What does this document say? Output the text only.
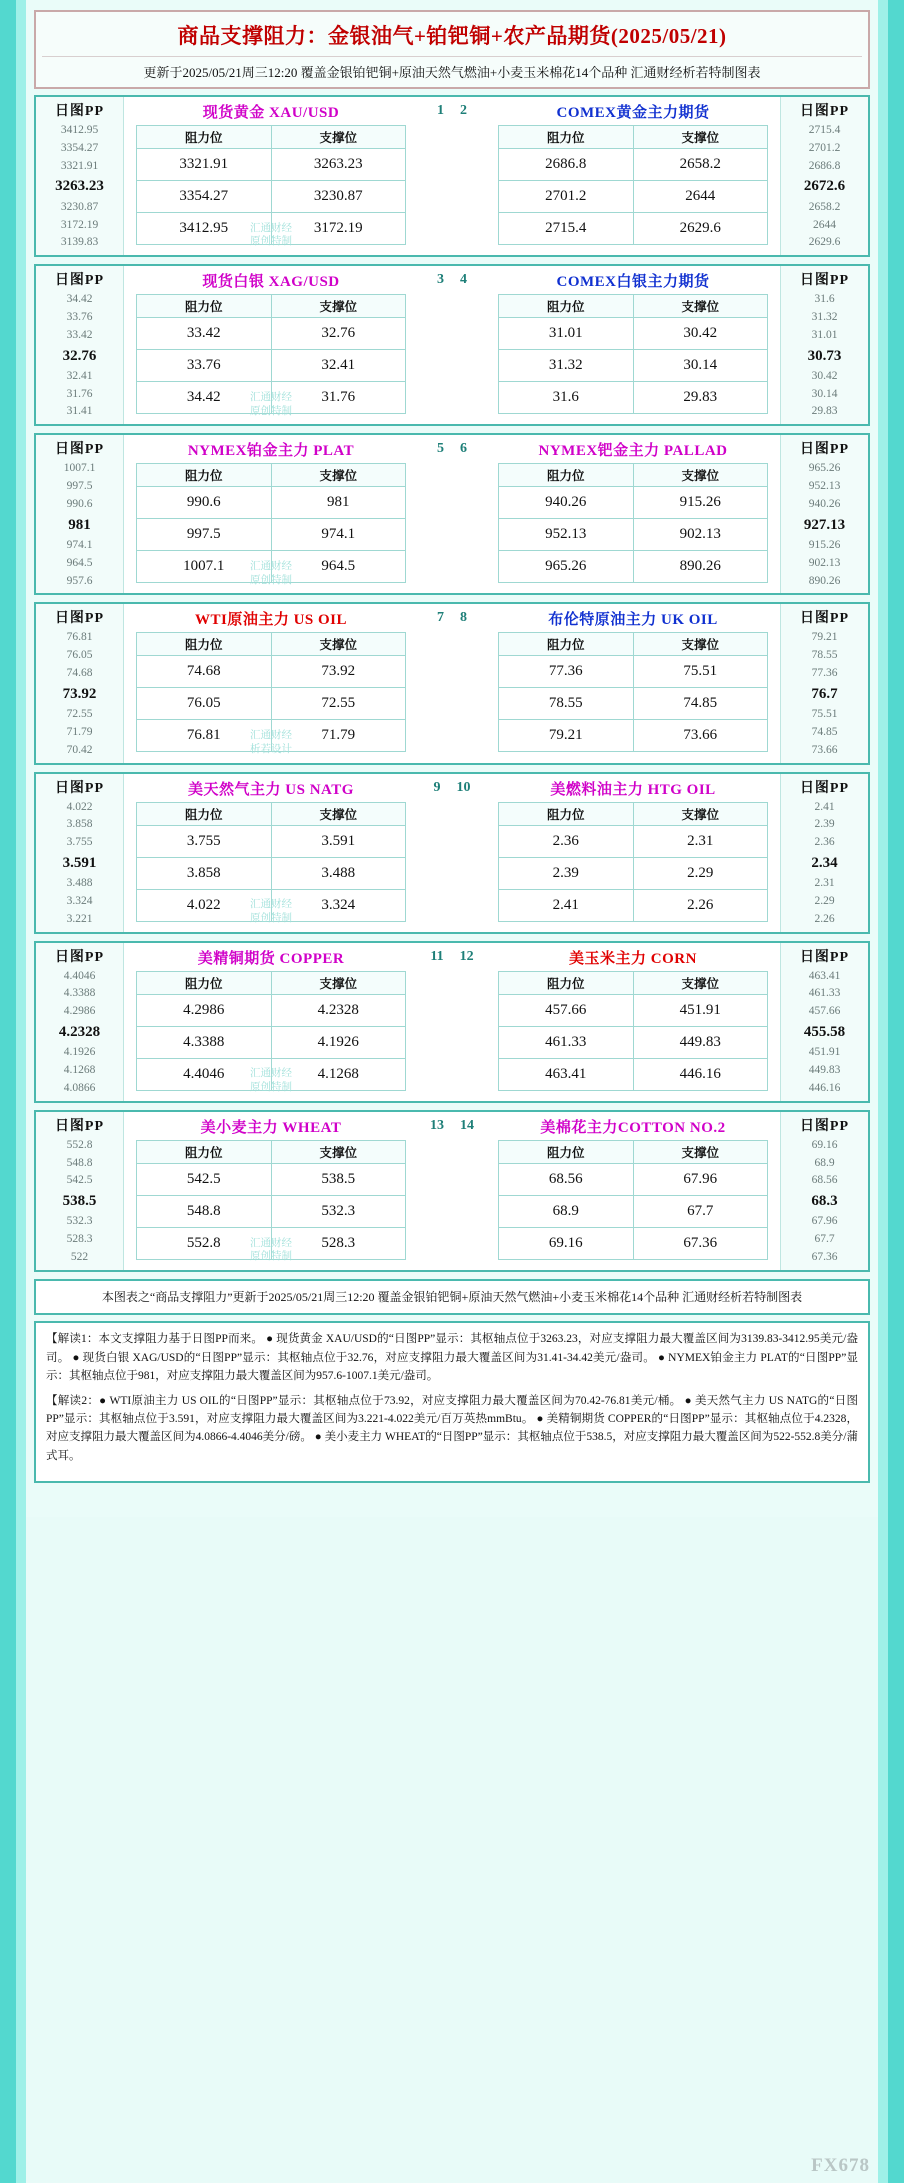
商品支撑阻力：金银油气+铂钯铜+农产品期货(2025/05/21)
更新于2025/05/21周三12:20 覆盖金银铂钯铜+原油天然气燃油+小麦玉米棉花14个品种 汇通财经析若特制图表
日图PP
3412.95
3354.27
3321.91
3263.23
3230.87
3172.19
3139.83
现货黄金 XAU/USD
阻力位	支撑位
3321.91	3263.23
3354.27	3230.87
3412.95	3172.19
汇通财经
原创特制
1 2	COMEX黄金主力期货
阻力位	支撑位
2686.8	2658.2
2701.2	2644
2715.4	2629.6
日图PP
2715.4
2701.2
2686.8
2672.6
2658.2
2644
2629.6
日图PP
34.42
33.76
33.42
32.76
32.41
31.76
31.41
现货白银 XAG/USD
阻力位	支撑位
33.42	32.76
33.76	32.41
34.42	31.76
汇通财经
原创特制
3 4	COMEX白银主力期货
阻力位	支撑位
31.01	30.42
31.32	30.14
31.6	29.83
日图PP
31.6
31.32
31.01
30.73
30.42
30.14
29.83
日图PP
1007.1
997.5
990.6
981
974.1
964.5
957.6
NYMEX铂金主力 PLAT
阻力位	支撑位
990.6	981
997.5	974.1
1007.1	964.5
汇通财经
原创特制
5 6	NYMEX钯金主力 PALLAD
阻力位	支撑位
940.26	915.26
952.13	902.13
965.26	890.26
日图PP
965.26
952.13
940.26
927.13
915.26
902.13
890.26
日图PP
76.81
76.05
74.68
73.92
72.55
71.79
70.42
WTI原油主力 US OIL
阻力位	支撑位
74.68	73.92
76.05	72.55
76.81	71.79
汇通财经
析若设计
7 8	布伦特原油主力 UK OIL
阻力位	支撑位
77.36	75.51
78.55	74.85
79.21	73.66
日图PP
79.21
78.55
77.36
76.7
75.51
74.85
73.66
日图PP
4.022
3.858
3.755
3.591
3.488
3.324
3.221
美天然气主力 US NATG
阻力位	支撑位
3.755	3.591
3.858	3.488
4.022	3.324
汇通财经
原创特制
9 10	美燃料油主力 HTG OIL
阻力位	支撑位
2.36	2.31
2.39	2.29
2.41	2.26
日图PP
2.41
2.39
2.36
2.34
2.31
2.29
2.26
日图PP
4.4046
4.3388
4.2986
4.2328
4.1926
4.1268
4.0866
美精铜期货 COPPER
阻力位	支撑位
4.2986	4.2328
4.3388	4.1926
4.4046	4.1268
汇通财经
原创特制
11 12	美玉米主力 CORN
阻力位	支撑位
457.66	451.91
461.33	449.83
463.41	446.16
日图PP
463.41
461.33
457.66
455.58
451.91
449.83
446.16
日图PP
552.8
548.8
542.5
538.5
532.3
528.3
522
美小麦主力 WHEAT
阻力位	支撑位
542.5	538.5
548.8	532.3
552.8	528.3
汇通财经
原创特制
13 14	美棉花主力COTTON NO.2
阻力位	支撑位
68.56	67.96
68.9	67.7
69.16	67.36
日图PP
69.16
68.9
68.56
68.3
67.96
67.7
67.36
本图表之“商品支撑阻力”更新于2025/05/21周三12:20 覆盖金银铂钯铜+原油天然气燃油+小麦玉米棉花14个品种 汇通财经析若特制图表

【解读1：本文支撑阻力基于日图PP而来。 ● 现货黄金 XAU/USD的“日图PP”显示：其枢轴点位于3263.23，对应支撑阻力最大覆盖区间为3139.83-3412.95美元/盎司。 ● 现货白银 XAG/USD的“日图PP”显示：其枢轴点位于32.76，对应支撑阻力最大覆盖区间为31.41-34.42美元/盎司。 ● NYMEX铂金主力 PLAT的“日图PP”显示：其枢轴点位于981，对应支撑阻力最大覆盖区间为957.6-1007.1美元/盎司。

【解读2：● WTI原油主力 US OIL的“日图PP”显示：其枢轴点位于73.92，对应支撑阻力最大覆盖区间为70.42-76.81美元/桶。 ● 美天然气主力 US NATG的“日图PP”显示：其枢轴点位于3.591，对应支撑阻力最大覆盖区间为3.221-4.022美元/百万英热mmBtu。 ● 美精铜期货 COPPER的“日图PP”显示：其枢轴点位于4.2328，对应支撑阻力最大覆盖区间为4.0866-4.4046美分/磅。 ● 美小麦主力 WHEAT的“日图PP”显示：其枢轴点位于538.5，对应支撑阻力最大覆盖区间为522-552.8美分/蒲式耳。

FX678
